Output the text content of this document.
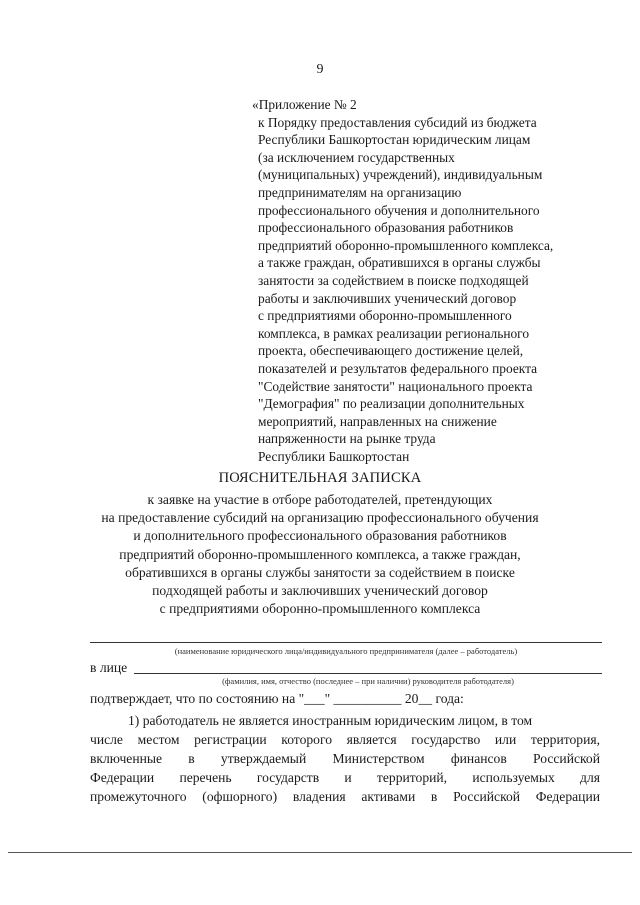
9
«Приложение № 2
к Порядку предоставления субсидий из бюджета
Республики Башкортостан юридическим лицам
(за исключением государственных
(муниципальных) учреждений), индивидуальным
предпринимателям на организацию
профессионального обучения и дополнительного
профессионального образования работников
предприятий оборонно-промышленного комплекса,
а также граждан, обратившихся в органы службы
занятости за содействием в поиске подходящей
работы и заключивших ученический договор
с предприятиями оборонно-промышленного
комплекса, в рамках реализации регионального
проекта, обеспечивающего достижение целей,
показателей и результатов федерального проекта
"Содействие занятости" национального проекта
"Демография" по реализации дополнительных
мероприятий, направленных на снижение
напряженности на рынке труда
Республики Башкортостан
ПОЯСНИТЕЛЬНАЯ ЗАПИСКА
к заявке на участие в отборе работодателей, претендующих
на предоставление субсидий на организацию профессионального обучения
и дополнительного профессионального образования работников
предприятий оборонно-промышленного комплекса, а также граждан,
обратившихся в органы службы занятости за содействием в поиске
подходящей работы и заключивших ученический договор
с предприятиями оборонно-промышленного комплекса
(наименование юридического лица/индивидуального предпринимателя (далее – работодатель)
в лице
(фамилия, имя, отчество (последнее – при наличии) руководителя работодателя)
подтверждает, что по состоянию на "___" __________ 20__ года:
1) работодатель не является иностранным юридическим лицом, в том
числе местом регистрации которого является государство или территория,
включенные в утверждаемый Министерством финансов Российской
Федерации перечень государств и территорий, используемых для
промежуточного (офшорного) владения активами в Российской Федерации
